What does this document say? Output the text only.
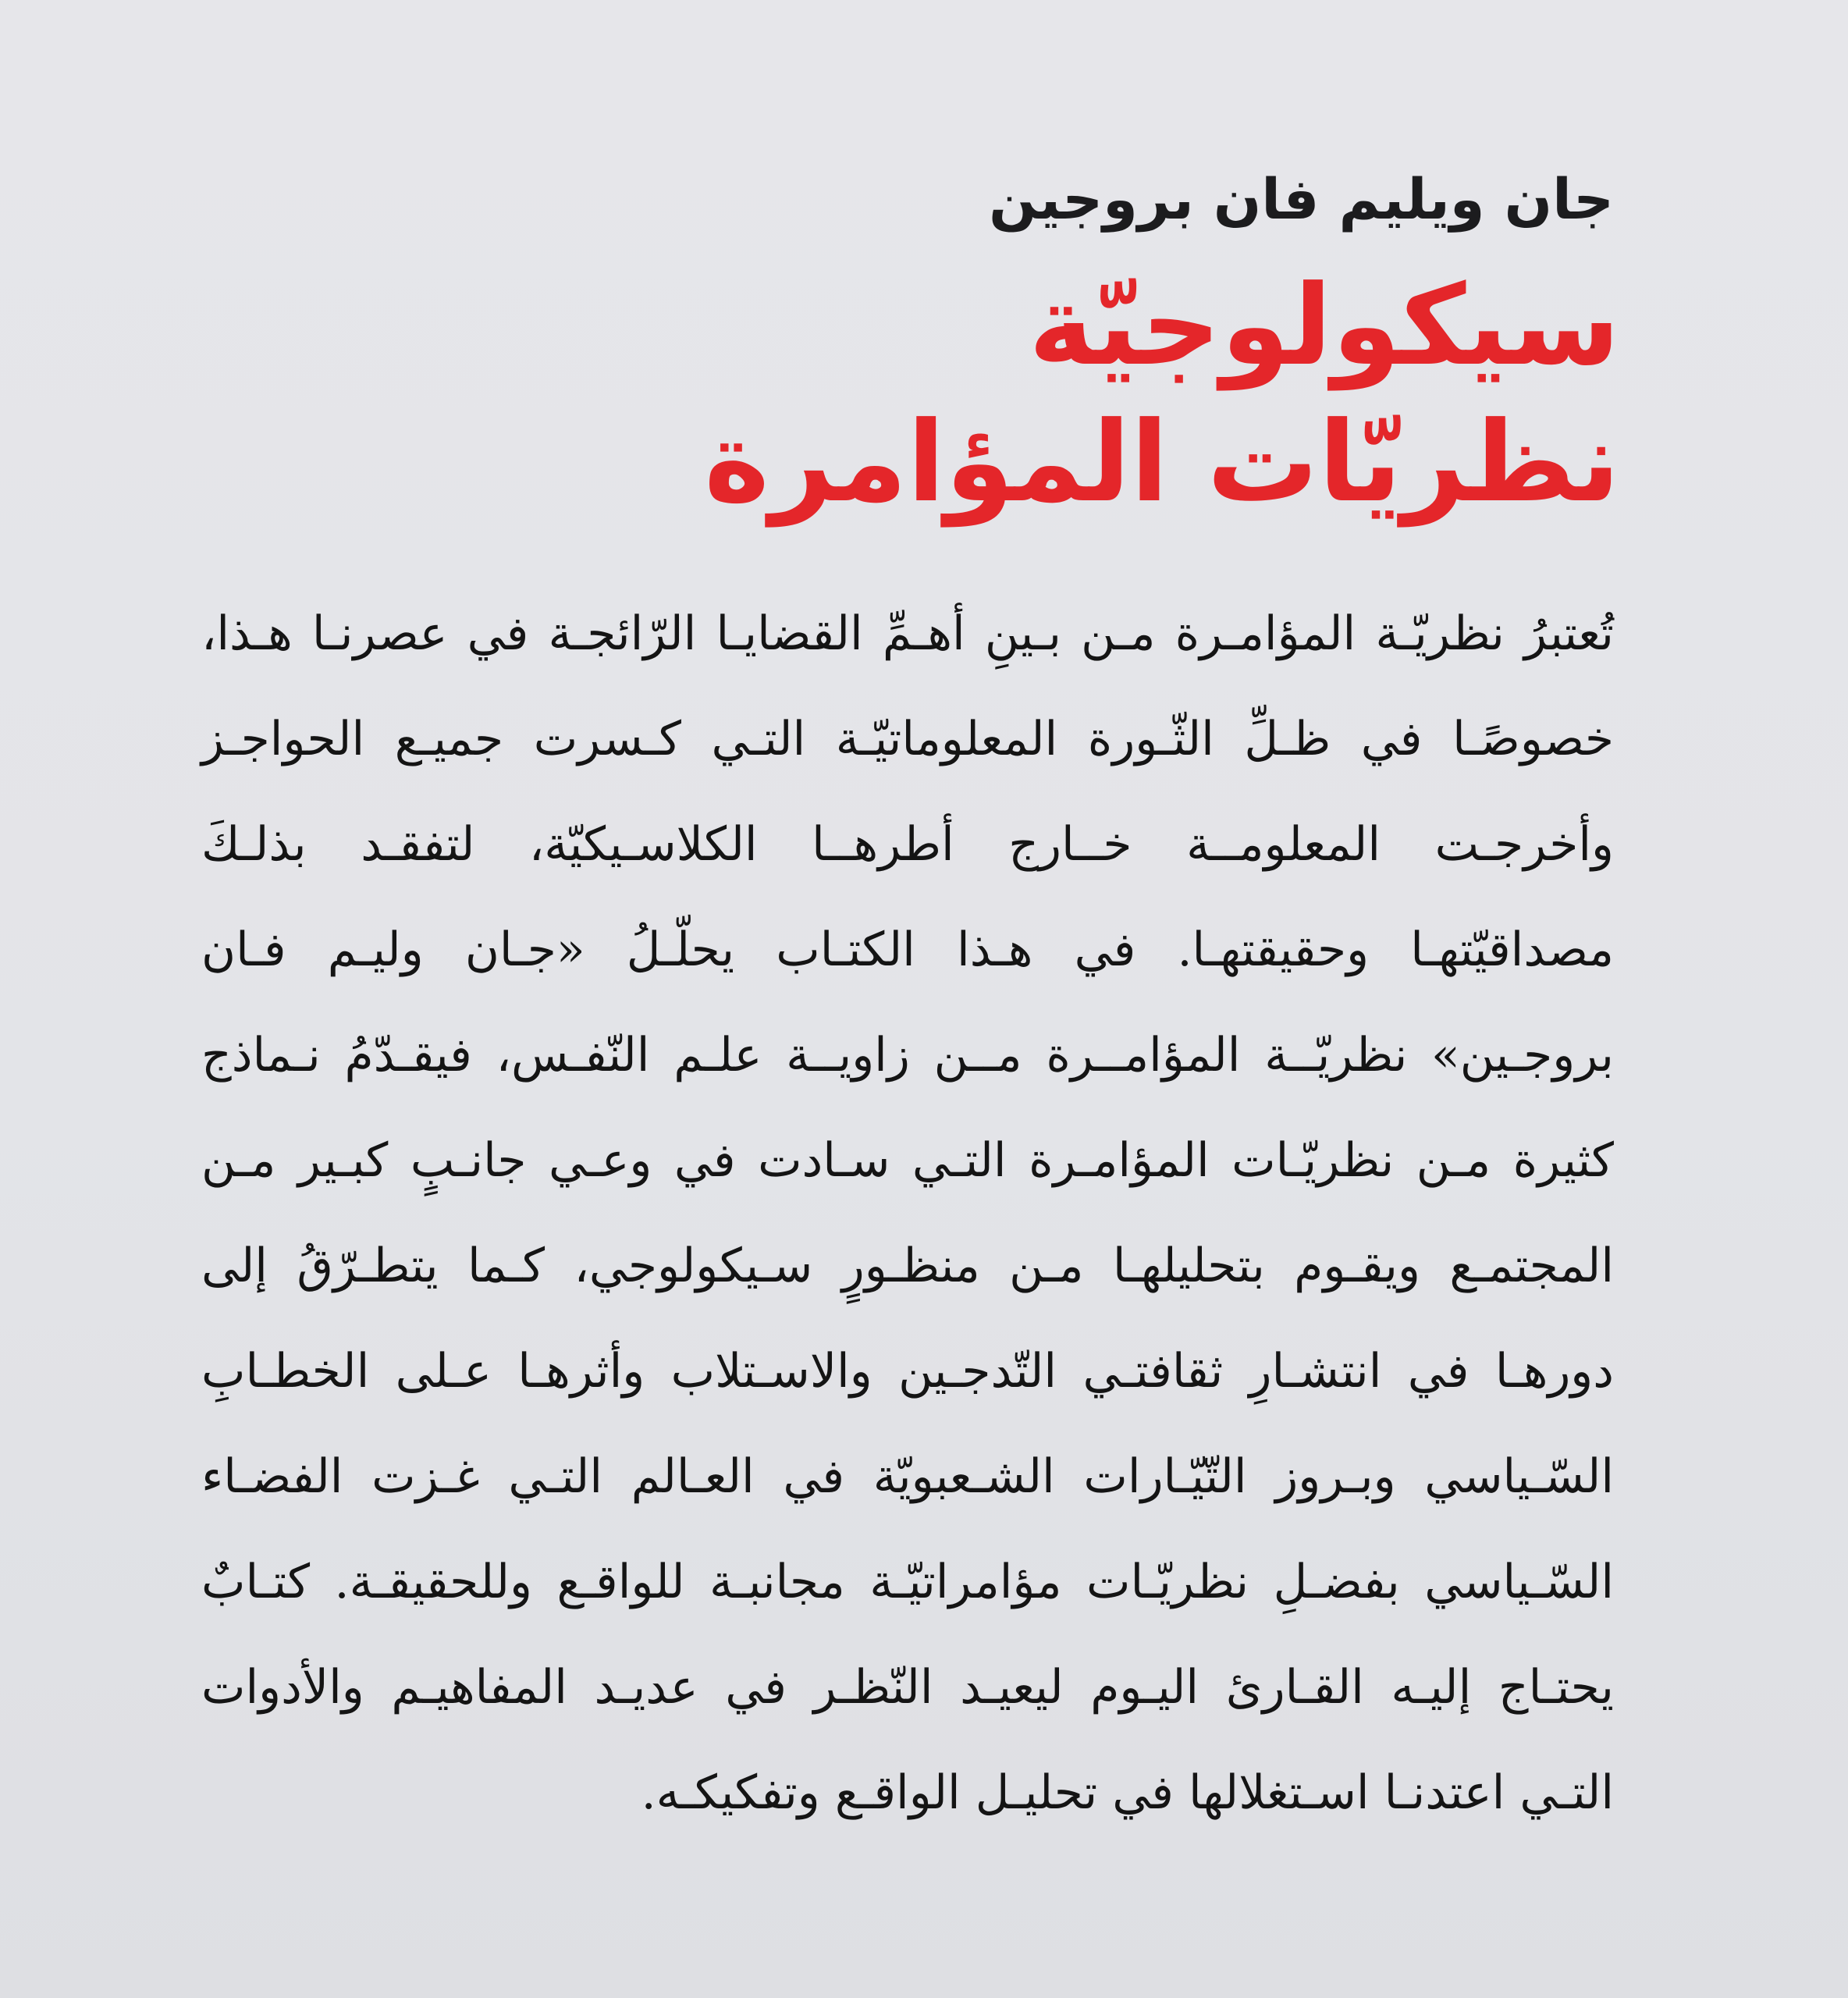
جان ويليم فان بروجين
سيكولوجيّة
نظريّات المؤامرة
تُعتبرُ نظريّـة المؤامـرة مـن بـينِ أهـمِّ القضايـا الرّائجـة في عصرنـا هـذا،
خصوصًـا في ظـلِّ الثّـورة المعلوماتيّـة التـي كـسرت جميـع الحواجـز
وأخرجـت المعلومــة خــارج أطرهــا الكلاسـيكيّة، لتفقـد بذلـكَ
مصداقيّتهـا وحقيقتهـا. في هـذا الكتـاب يحلّـلُ «جـان وليـم فـان
بروجـين» نظريّــة المؤامــرة مــن زاويــة علـم النّفـس، فيقـدّمُ نـماذج
كثيرة مـن نظريّـات المؤامـرة التـي سـادت في وعـي جانـبٍ كبـير مـن
المجتمـع ويقـوم بتحليلهـا مـن منظـورٍ سـيكولوجي، كـما يتطـرّقُ إلى
دورهـا في انتشـارِ ثقافتـي التّدجـين والاسـتلاب وأثرهـا عـلى الخطـابِ
السّـياسي وبـروز التّيّـارات الشـعبويّة في العـالم التـي غـزت الفضـاء
السّـياسي بفضـلِ نظريّـات مؤامراتيّـة مجانبـة للواقـع وللحقيقـة. كتـابٌ
يحتـاج إليـه القـارئ اليـوم ليعيـد النّظـر في عديـد المفاهيـم والأدوات
التـي اعتدنـا اسـتغلالها في تحليـل الواقـع وتفكيكـه.
